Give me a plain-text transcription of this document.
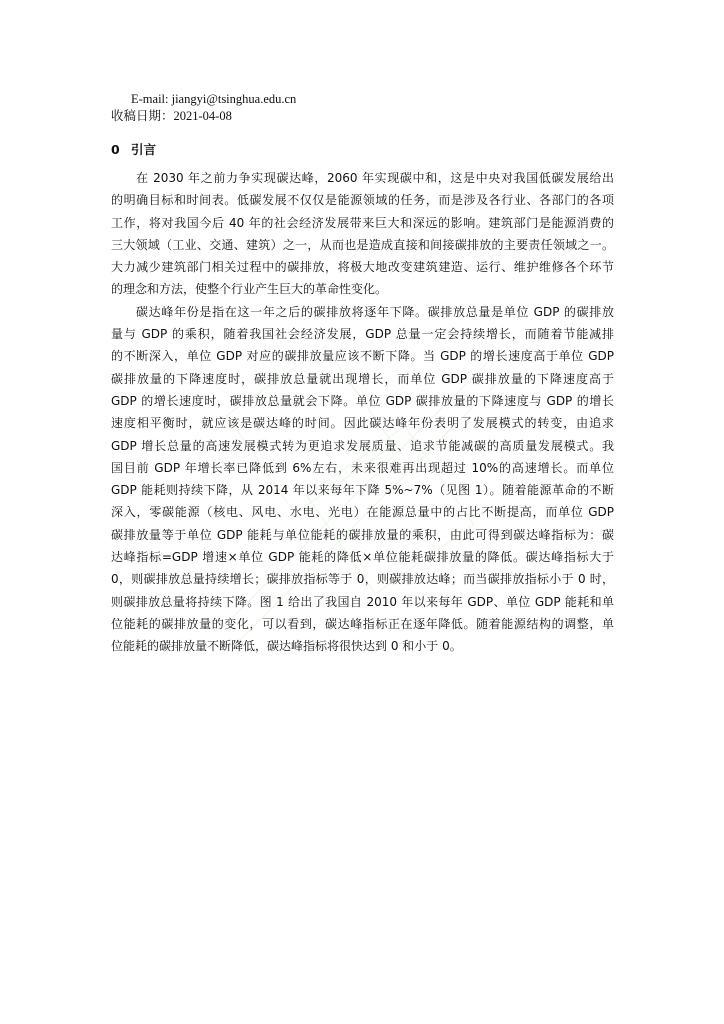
E-mail: jiangyi@tsinghua.edu.cn
收稿日期：2021-04-08
0 引言
在 2030 年之前力争实现碳达峰，2060 年实现碳中和，这是中央对我国低碳发展给出
的明确目标和时间表。低碳发展不仅仅是能源领域的任务，而是涉及各行业、各部门的各项
工作，将对我国今后 40 年的社会经济发展带来巨大和深远的影响。建筑部门是能源消费的
三大领域（工业、交通、建筑）之一，从而也是造成直接和间接碳排放的主要责任领域之一。
大力减少建筑部门相关过程中的碳排放，将极大地改变建筑建造、运行、维护维修各个环节
的理念和方法，使整个行业产生巨大的革命性变化。
碳达峰年份是指在这一年之后的碳排放将逐年下降。碳排放总量是单位 GDP 的碳排放
量与 GDP 的乘积，随着我国社会经济发展，GDP 总量一定会持续增长，而随着节能减排
的不断深入，单位 GDP 对应的碳排放量应该不断下降。当 GDP 的增长速度高于单位 GDP
碳排放量的下降速度时，碳排放总量就出现增长，而单位 GDP 碳排放量的下降速度高于
GDP 的增长速度时，碳排放总量就会下降。单位 GDP 碳排放量的下降速度与 GDP 的增长
速度相平衡时，就应该是碳达峰的时间。因此碳达峰年份表明了发展模式的转变，由追求
GDP 增长总量的高速发展模式转为更追求发展质量、追求节能减碳的高质量发展模式。我
国目前 GDP 年增长率已降低到 6%左右，未来很难再出现超过 10%的高速增长。而单位
GDP 能耗则持续下降，从 2014 年以来每年下降 5%~7%（见图 1）。随着能源革命的不断
深入，零碳能源（核电、风电、水电、光电）在能源总量中的占比不断提高，而单位 GDP
碳排放量等于单位 GDP 能耗与单位能耗的碳排放量的乘积，由此可得到碳达峰指标为：碳
达峰指标=GDP 增速×单位 GDP 能耗的降低×单位能耗碳排放量的降低。碳达峰指标大于
0，则碳排放总量持续增长；碳排放指标等于 0，则碳排放达峰；而当碳排放指标小于 0 时，
则碳排放总量将持续下降。图 1 给出了我国自 2010 年以来每年 GDP、单位 GDP 能耗和单
位能耗的碳排放量的变化，可以看到，碳达峰指标正在逐年降低。随着能源结构的调整，单
位能耗的碳排放量不断降低，碳达峰指标将很快达到 0 和小于 0。
